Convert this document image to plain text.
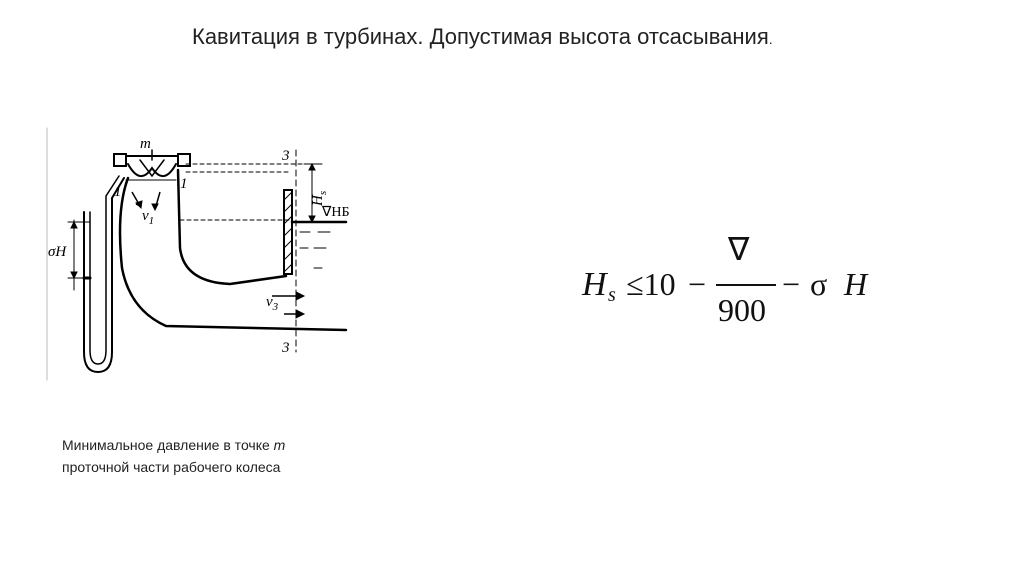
Кавитация в турбинах. Допустимая высота отсасывания.
m
1	1
$v_1$
3
3
$v_3$
$H_s$
σH
∇НБ
H s ≤10 −
∇
900
− σ H
Минимальное давление в точке m
проточной части рабочего колеса
